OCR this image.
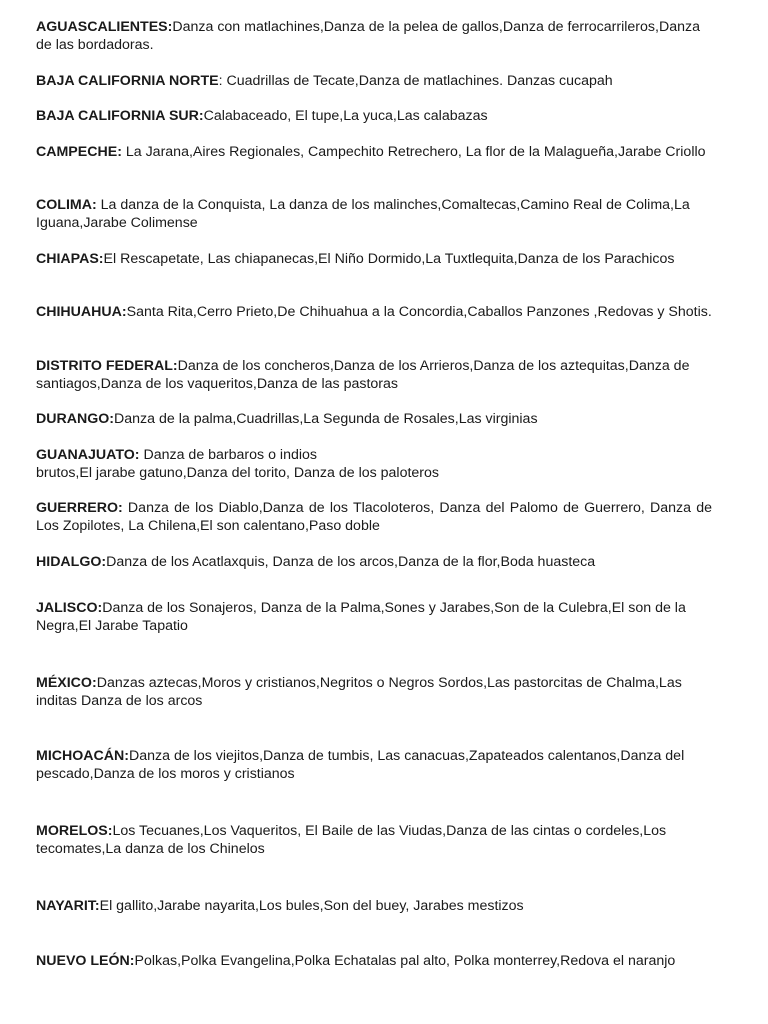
AGUASCALIENTES:Danza con matlachines,Danza de la pelea de gallos,Danza de ferrocarrileros,Danza de las bordadoras.

BAJA CALIFORNIA NORTE: Cuadrillas de Tecate,Danza de matlachines. Danzas cucapah

BAJA CALIFORNIA SUR:Calabaceado, El tupe,La yuca,Las calabazas

CAMPECHE: La Jarana,Aires Regionales, Campechito Retrechero, La flor de la Malagueña,Jarabe Criollo

COLIMA: La danza de la Conquista, La danza de los malinches,Comaltecas,Camino Real de Colima,La Iguana,Jarabe Colimense

CHIAPAS:El Rescapetate, Las chiapanecas,El Niño Dormido,La Tuxtlequita,Danza de los Parachicos

CHIHUAHUA:Santa Rita,Cerro Prieto,De Chihuahua a la Concordia,Caballos Panzones ,Redovas y Shotis.

DISTRITO FEDERAL:Danza de los concheros,Danza de los Arrieros,Danza de los aztequitas,Danza de santiagos,Danza de los vaqueritos,Danza de las pastoras

DURANGO:Danza de la palma,Cuadrillas,La Segunda de Rosales,Las virginias

GUANAJUATO: Danza de barbaros o indios
brutos,El jarabe gatuno,Danza del torito, Danza de los paloteros

GUERRERO: Danza de los Diablo,Danza de los Tlacoloteros, Danza del Palomo de Guerrero, Danza de Los Zopilotes, La Chilena,El son calentano,Paso doble

HIDALGO:Danza de los Acatlaxquis, Danza de los arcos,Danza de la flor,Boda huasteca

JALISCO:Danza de los Sonajeros, Danza de la Palma,Sones y Jarabes,Son de la Culebra,El son de la Negra,El Jarabe Tapatio

MÉXICO:Danzas aztecas,Moros y cristianos,Negritos o Negros Sordos,Las pastorcitas de Chalma,Las inditas Danza de los arcos

MICHOACÁN:Danza de los viejitos,Danza de tumbis, Las canacuas,Zapateados calentanos,Danza del pescado,Danza de los moros y cristianos

MORELOS:Los Tecuanes,Los Vaqueritos, El Baile de las Viudas,Danza de las cintas o cordeles,Los tecomates,La danza de los Chinelos

NAYARIT:El gallito,Jarabe nayarita,Los bules,Son del buey, Jarabes mestizos

NUEVO LEÓN:Polkas,Polka Evangelina,Polka Echatalas pal alto, Polka monterrey,Redova el naranjo
